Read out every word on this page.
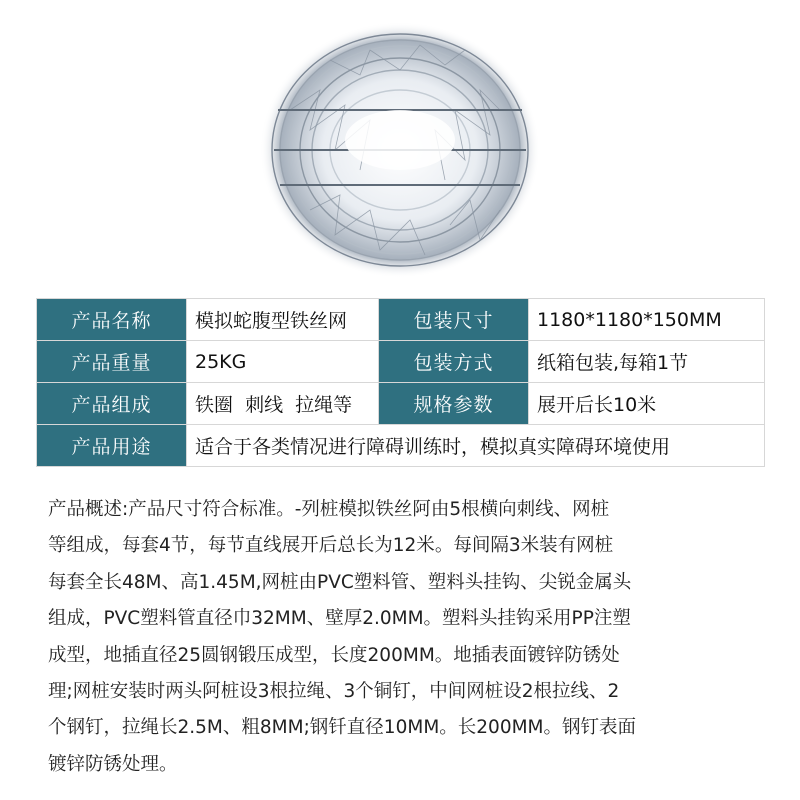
产品名称	模拟蛇腹型铁丝网	包装尺寸	1180*1180*150MM
产品重量	25KG	包装方式	纸箱包装,每箱1节
产品组成	铁圈  刺线  拉绳等	规格参数	展开后长10米
产品用途	适合于各类情况进行障碍训练时，模拟真实障碍环境使用		
产品概述:产品尺寸符合标准。-列桩模拟铁丝阿由5根横向刺线、网桩
等组成，每套4节，每节直线展开后总长为12米。每间隔3米装有网桩
每套全长48M、高1.45M,网桩由PVC塑料管、塑料头挂钩、尖锐金属头
组成，PVC塑料管直径巾32MM、壁厚2.0MM。塑料头挂钩采用PP注塑
成型，地插直径25圆钢锻压成型，长度200MM。地插表面镀锌防锈处
理;网桩安装时两头阿桩设3根拉绳、3个铜钉，中间网桩设2根拉线、2
个钢钉，拉绳长2.5M、粗8MM;钢钎直径10MM。长200MM。钢钉表面
镀锌防锈处理。
